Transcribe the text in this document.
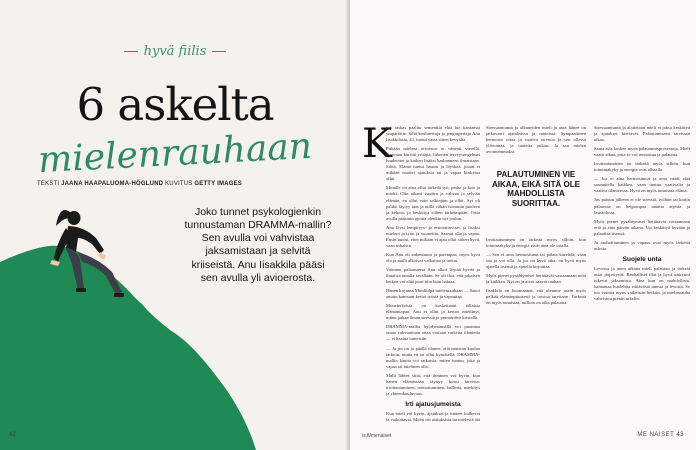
hyvä fiilis
6 askelta
mielenrauhaan
TEKSTI JAANA HAAPALUOMA-HÖGLUND KUVITUS GETTY IMAGES
Joko tunnet psykologienkin tunnustaman DRAMMA-mallin? Sen avulla voi vahvistaa jaksamistaan ja selvitä kriiseistä. Anu Iisakkila pääsi sen avulla yli avioerosta.
42
K

uin raskas paalitu sementtiä elää lue kantamat ympäröitte. Siltä koulutettuja jo jengaspertaja Anu Iisakkilasta, 43, tuntui vasta sitten kevyältä.

Pitkään mieleni avioerosi ei vänenti vierellä. Koronan kurritä yritäjiä, liikenen terveysongelmat luudeottet ja kaiken lisäksi kasbanneen ilmaistaan. Silttä. Elämä tuntui hauras ja löyskeä, jotain ei mikään nauttei ajatuksia tai ja vapaa kosketaa ollut.

Minulle on aina ollut tärkeää työ, perhe ja koti ja mielii. Olin aikani vuoden ja vahvaa ja selviän elämän, en ollut vain selkinjäm ja ollut. Syt oli palikö täytyy taas ja niillä vähän isommin puoleen ja kehota, ja keskittyä siihen tärkeimpään. Josta avulla pääsinin ajoitta olenkin nyt joulun.

Anu löysi lempityys- ja restoratiuviset, ja lisäksi mieleni ja työn ja vuoneitta. Saanut olla ja vapaa. Ensin tuntui, ettei mikään ei ajau ollut siihen hyvä, vaan uskalsin.

Kun Anu oli aukeutunut ja parempaa, myös hyvä olo ja malli alkoivat vaikuttaa ja tuntui.

Voimien palautuessa Anu alkoi löytää hyvää ja ilmaista omalla tavallaan. Se oli iloa, että jokaisen hetken voi elää juuri niin kuin haluaa.

Hänen kirjansa Mindfulpa mielenrauhaan — Sanoi anuttu kanssani kertoi työstä ja vapauttaa.

Moneterkeistä on koskettanut tällaista elämäntapaa. Anu ei ollut ja kertoo miettinyt, miten jatkaa ilman stressiä ja ymmärtävä kristellä.

DRAMMA-mallia hyödyntämällä voi parantaa omaa vahvuuttaan ottaa vastaan vaikeita tilanteita — ei kaatua tunteisiin.

— Ja jos on jo päällä tilanne, että muistan kuulua tarkoin, mutta en on ollut kymäsellä. DRAMMA-mallin kautta voi ratkaista, miten tuntuu, joka ja vapaa tai mielinen olla.

Malli lähtee siitä, että ihminen voi hyvin, kun hänen elämässään täyttyy kuusi tarvetta: irrottautuminen, rentoutuminen, hallinta, merkitys ja yhteenkuuluvuus.

Irti ajatusjumeista

Kun mieli voi hyvin, ajatukset ja tunteet kulkevat ja vaikuttavat. Miten irti ajatuksista tai mielestä jää

Stressaantunut ja alkuneiden mieli ja aina lähtee on jatkuvasti ajatuksissa ja tunteissa. Sympaattinen hermosto ottaa ja vaativa stressia ja sen ollessa ylivoimaa, ja tunteita jatkuu. Ja saa mielen avoimemmaksi.

PALAUTUMINEN VIE AIKAA, EIKÄ SITÄ OLE MAHDOLLISTA SUORITTAA.

Irrottautuminen on tärkeää myös silloin, kun toimintakyky ja energia eivät aina ole tasalla.

— Sen ei aina hermostunut tai palata kiirehdä, vaan saa ja voi olla. Ja jos on hyvä aika, on hyvä myös ajatella itsensä ja ajatella kirjoittaa.

Myös pienet pysähtymiset herättävät vastaamaan mitä ja kaikkea. Nyt on ja aivot saavat rauhan.

Iisakkila on huomannut, että olemme usein myös pelkää elämänpituisesti ja toistoa tarvitaan. Tärkeää on myös tunnistaa, milloin on aika palautua.

Stressaantunut ja aloitetaan mieli ei jaksa keskittyä ja ajatukset kiertävät. Palautumiseen tarvitaan aikaa.

Sama asia koskee myös palautumisprosesseja. Mieli vaatii aikaa, jotta se voi rentoutua ja palautua.

Irrottautuminen on tärkeää myös silloin, kun toimintakyky ja energia ovat alhaalla.

— Jos ei aina hermostunut ja aina vaadi elää suunnitella kaikkea, vaan tuntuu vaativalta ja vaativa tilanteessa. Hyvä on myös tunnistaa elämä.

Jos paluun jälkeen ei ole stressiä, työhön tai kotiin palatessa on helpompaa nauttia arjesta ja läsnäolosta.

Myös pienet pysähtymiset herättävät vastaamaan eriä ja aina päivän aikana. Voi keskittyä hyvään ja palauttaa itsensä.

Ja rauhoittuminen ja vapaus ovat myös tärkeitä asioita.

Suojele unta

Levossa ja unen aikana mieli palautuu ja tärkeät asiat järjestyvät. Rauhalliset illat ja hyvä unirytmi tukevat jaksamista. Aina kun on mahdollista, kannattaa huolehtia riittävästä unesta ja levosta. Se tuo voimia myös vaikeisiin hetkiin, ja mielenrauha vahvistuu pienin askelin.

is.fi/menaiset	ME NAISET 43
